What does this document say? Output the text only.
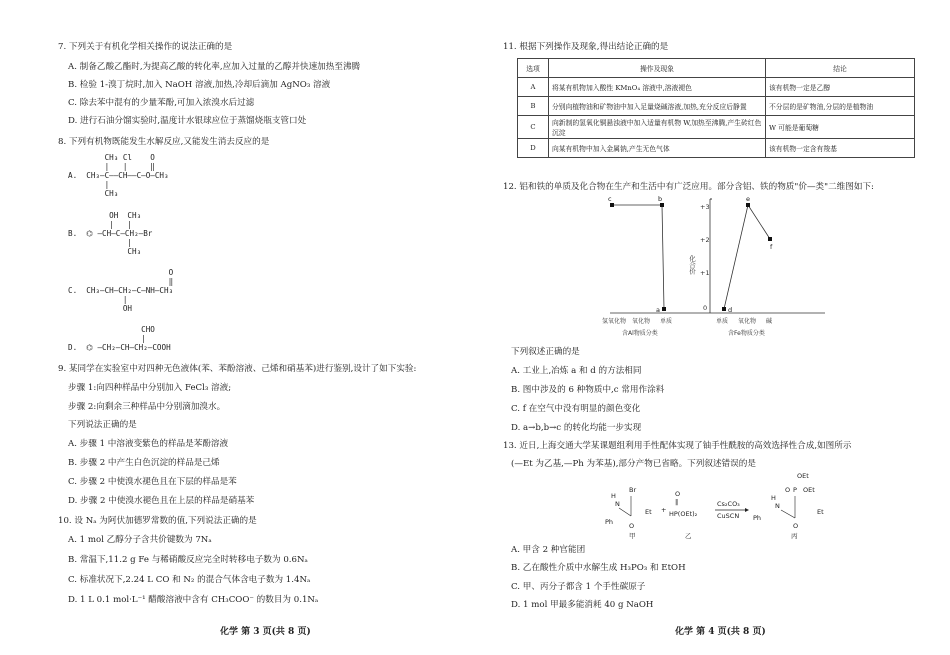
7. 下列关于有机化学相关操作的说法正确的是
A. 制备乙酸乙酯时,为提高乙酸的转化率,应加入过量的乙醇并快速加热至沸腾
B. 检验 1-溴丁烷时,加入 NaOH 溶液,加热,冷却后滴加 AgNO₃ 溶液
C. 除去苯中混有的少量苯酚,可加入浓溴水后过滤
D. 进行石油分馏实验时,温度计水银球应位于蒸馏烧瓶支管口处
8. 下列有机物既能发生水解反应,又能发生消去反应的是
CH₃ Cl    O
|   |     ‖
A.  CH₃—C——CH——C—O—CH₃
|
CH₃
OH  CH₃
|   |
B.  ⌬ —CH—C—CH₂—Br
|
CH₃
O
‖
C.  CH₃—CH—CH₂—C—NH—CH₃
|
OH
CHO
|
D.  ⌬ —CH₂—CH—CH₂—COOH
9. 某同学在实验室中对四种无色液体(苯、苯酚溶液、己烯和硝基苯)进行鉴别,设计了如下实验:
步骤 1:向四种样品中分别加入 FeCl₃ 溶液;
步骤 2:向剩余三种样品中分别滴加溴水。
下列说法正确的是
A. 步骤 1 中溶液变紫色的样品是苯酚溶液
B. 步骤 2 中产生白色沉淀的样品是己烯
C. 步骤 2 中使溴水褪色且在下层的样品是苯
D. 步骤 2 中使溴水褪色且在上层的样品是硝基苯
10. 设 Nₐ 为阿伏加德罗常数的值,下列说法正确的是
A. 1 mol 乙醇分子含共价键数为 7Nₐ
B. 常温下,11.2 g Fe 与稀硝酸反应完全时转移电子数为 0.6Nₐ
C. 标准状况下,2.24 L CO 和 N₂ 的混合气体含电子数为 1.4Nₐ
D. 1 L 0.1 mol·L⁻¹ 醋酸溶液中含有 CH₃COO⁻ 的数目为 0.1Nₐ
化学 第 3 页(共 8 页)
11. 根据下列操作及现象,得出结论正确的是
选项	操作及现象	结论
A	将某有机物加入酸性 KMnO₄ 溶液中,溶液褪色	该有机物一定是乙醇
B	分别向植物油和矿物油中加入足量烧碱溶液,加热,充分反应后静置	不分层的是矿物油,分层的是植物油
C	向新制的氢氧化铜悬浊液中加入适量有机物 W,加热至沸腾,产生砖红色沉淀	W 可能是葡萄糖
D	向某有机物中加入金属钠,产生无色气体	该有机物一定含有羧基
12. 铝和铁的单质及化合物在生产和生活中有广泛应用。部分含铝、铁的物质"价—类"二维图如下:
+3
+2
+1
0
化合价
b
c
a	d
e
f
氢氧化物 氧化物 单质	单质 氧化物 碱
含Al物质分类	含Fe物质分类
下列叙述正确的是
A. 工业上,冶炼 a 和 d 的方法相同
B. 图中涉及的 6 种物质中,c 常用作涂料
C. f 在空气中没有明显的颜色变化
D. a→b,b→c 的转化均能一步实现
13. 近日,上海交通大学某课题组利用手性配体实现了铀手性酰胺的高效选择性合成,如图所示
(—Et 为乙基,—Ph 为苯基),部分产物已省略。下列叙述错误的是
H
N
Ph
Br
Et
O
+
O
‖
HP(OEt)₂
Cs₂CO₃
CuSCN
OEt
O P OEt
H
N
Ph
Et
O
甲	乙	丙
A. 甲含 2 种官能团
B. 乙在酸性介质中水解生成 H₃PO₃ 和 EtOH
C. 甲、丙分子都含 1 个手性碳原子
D. 1 mol 甲最多能消耗 40 g NaOH
化学 第 4 页(共 8 页)
